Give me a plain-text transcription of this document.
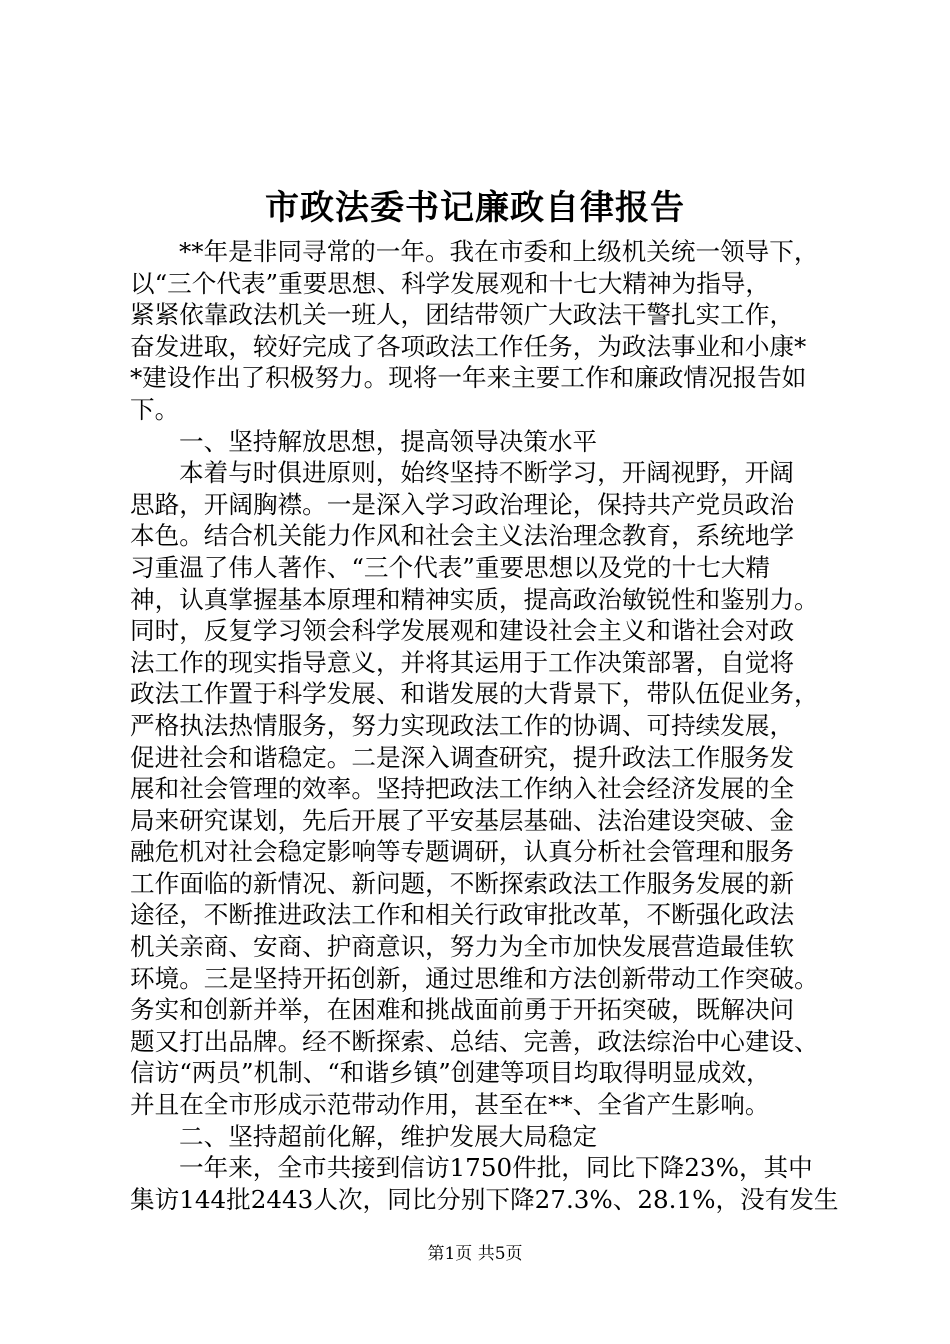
市政法委书记廉政自律报告
**年是非同寻常的一年。我在市委和上级机关统一领导下，
以“三个代表”重要思想、科学发展观和十七大精神为指导，
紧紧依靠政法机关一班人，团结带领广大政法干警扎实工作，
奋发进取，较好完成了各项政法工作任务，为政法事业和小康*
*建设作出了积极努力。现将一年来主要工作和廉政情况报告如
下。
一、坚持解放思想，提高领导决策水平
本着与时俱进原则，始终坚持不断学习，开阔视野，开阔
思路，开阔胸襟。一是深入学习政治理论，保持共产党员政治
本色。结合机关能力作风和社会主义法治理念教育，系统地学
习重温了伟人著作、“三个代表”重要思想以及党的十七大精
神，认真掌握基本原理和精神实质，提高政治敏锐性和鉴别力。
同时，反复学习领会科学发展观和建设社会主义和谐社会对政
法工作的现实指导意义，并将其运用于工作决策部署，自觉将
政法工作置于科学发展、和谐发展的大背景下，带队伍促业务，
严格执法热情服务，努力实现政法工作的协调、可持续发展，
促进社会和谐稳定。二是深入调查研究，提升政法工作服务发
展和社会管理的效率。坚持把政法工作纳入社会经济发展的全
局来研究谋划，先后开展了平安基层基础、法治建设突破、金
融危机对社会稳定影响等专题调研，认真分析社会管理和服务
工作面临的新情况、新问题，不断探索政法工作服务发展的新
途径，不断推进政法工作和相关行政审批改革，不断强化政法
机关亲商、安商、护商意识，努力为全市加快发展营造最佳软
环境。三是坚持开拓创新，通过思维和方法创新带动工作突破。
务实和创新并举，在困难和挑战面前勇于开拓突破，既解决问
题又打出品牌。经不断探索、总结、完善，政法综治中心建设、
信访“两员”机制、“和谐乡镇”创建等项目均取得明显成效，
并且在全市形成示范带动作用，甚至在**、全省产生影响。
二、坚持超前化解，维护发展大局稳定
一年来，全市共接到信访1750件批，同比下降23%，其中
集访144批2443人次，同比分别下降27.3%、28.1%，没有发生
第1页 共5页
